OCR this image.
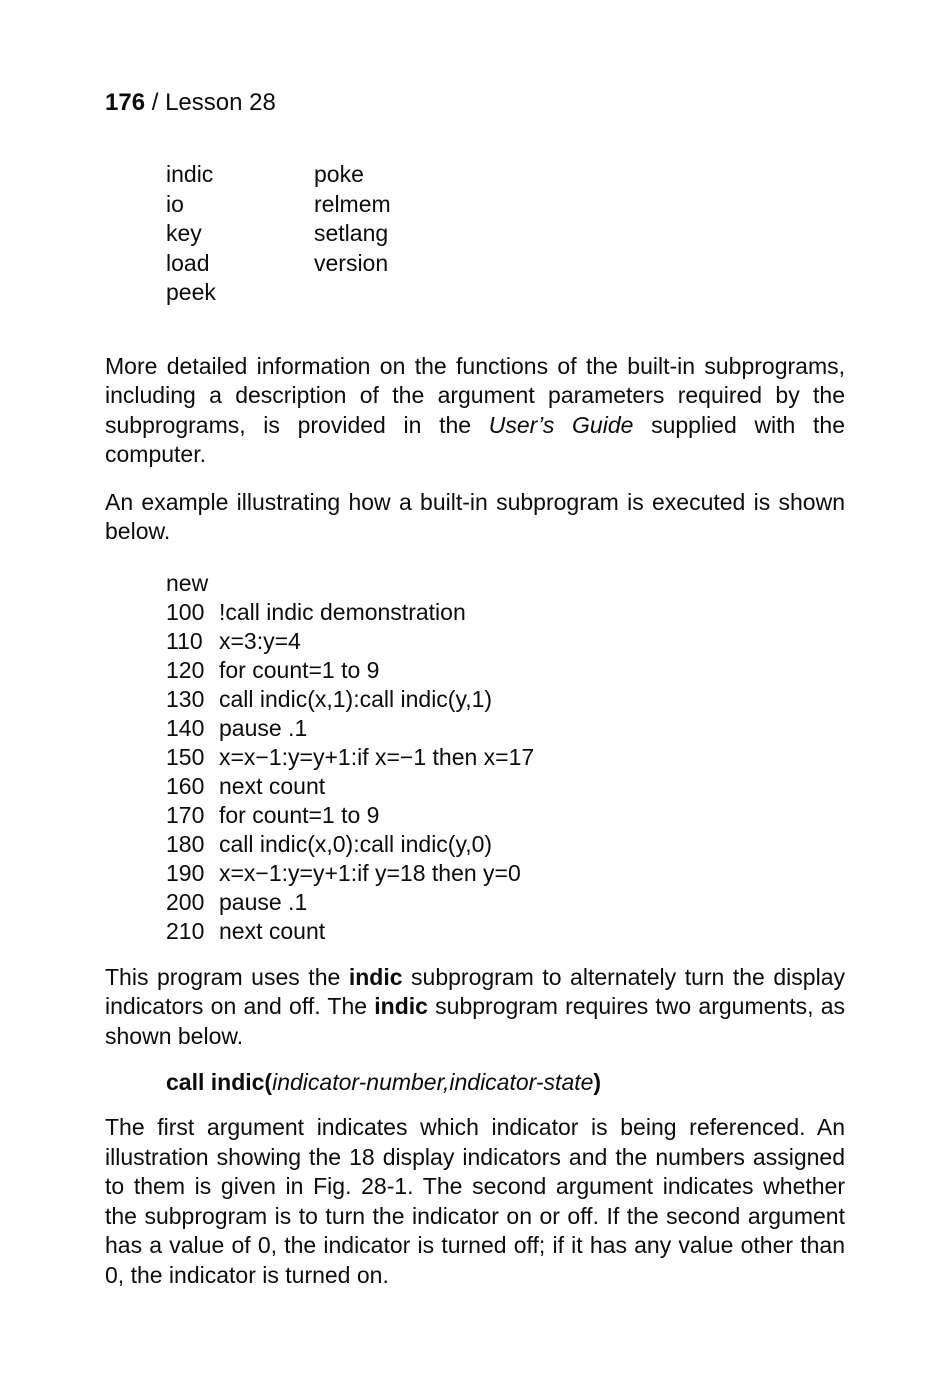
176 / Lesson 28
indic
io
key
load
peek
poke
relmem
setlang
version
More detailed information on the functions of the built-in subprograms, including a description of the argument parameters required by the subprograms, is provided in the User’s Guide supplied with the computer.
An example illustrating how a built-in subprogram is executed is shown below.
new
100 !call indic demonstration
110 x=3:y=4
120 for count=1 to 9
130 call indic(x,1):call indic(y,1)
140 pause .1
150 x=x−1:y=y+1:if x=−1 then x=17
160 next count
170 for count=1 to 9
180 call indic(x,0):call indic(y,0)
190 x=x−1:y=y+1:if y=18 then y=0
200 pause .1
210 next count
This program uses the indic subprogram to alternately turn the display indicators on and off. The indic subprogram requires two arguments, as shown below.
call indic(indicator-number,indicator-state)
The first argument indicates which indicator is being referenced. An illustration showing the 18 display indicators and the numbers assigned to them is given in Fig. 28-1. The second argument indicates whether the subprogram is to turn the indicator on or off. If the second argument has a value of 0, the indicator is turned off; if it has any value other than 0, the indicator is turned on.
